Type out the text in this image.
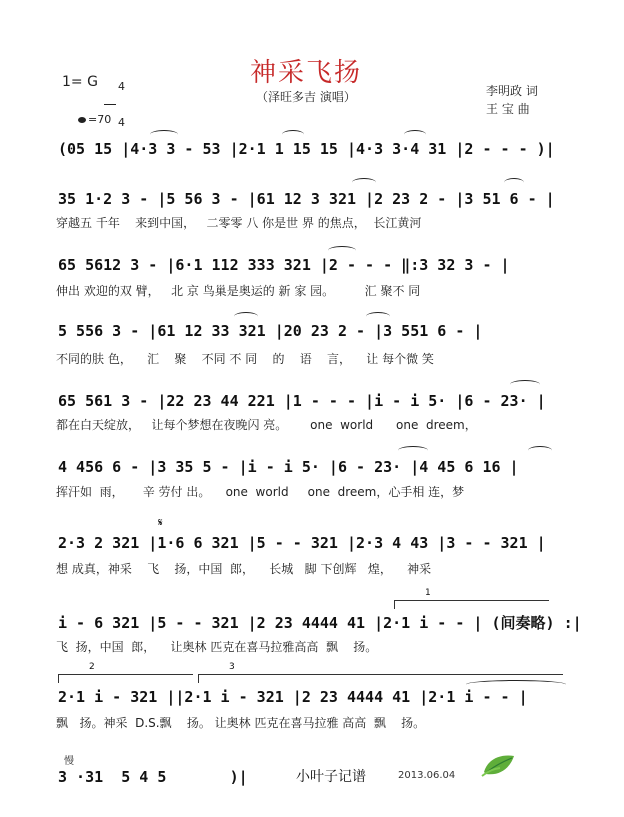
神采飞扬
（泽旺多吉 演唱）
1= G	4

4

=70

李明政 词
王 宝 曲
(05 15 |4·3 3 - 53 |2·1 1 15 15 |4·3 3·4 31 |2 - - - )|
35 1·2 3 - |5 56 3 - |61 12 3 321 |2 23 2 - |3 51 6 - |
穿越五 千年    来到中国，   二零零 八 你是世 界 的焦点，  长江黄河
65 5612 3 - |6·1 112 333 321 |2 - - - ‖:3 32 3 - |
伸出 欢迎的双 臂，   北 京 鸟巢是奥运的 新 家 园。        汇 聚不 同
5 556 3 - |61 12 33 321 |20 23 2 - |3 551 6 - |
不同的肤 色，    汇    聚    不同 不 同    的    语    言，    让 每个微 笑
65 561 3 - |22 23 44 221 |1 - - - |i - i 5· |6 - 23· |
都在白天绽放，   让每个梦想在夜晚闪 亮。      one  world      one  dreem，
4 456 6 - |3 35 5 - |i - i 5· |6 - 23· |4 45 6 16 |
挥汗如  雨，     辛 劳付 出。    one  world     one  dreem，心手相 连，梦
𝄋
2·3 2 321 |1·6 6 321 |5 - - 321 |2·3 4 43 |3 - - 321 |
想 成真，神采    飞    扬，中国  郎，    长城   脚 下创辉   煌，    神采
1
i - 6 321 |5 - - 321 |2 23 4444 41 |2·1 i - - | (间奏略) :|
飞  扬，中国  郎，    让奥林 匹克在喜马拉雅高高  飘    扬。
2	3
2·1 i - 321 ||2·1 i - 321 |2 23 4444 41 |2·1 i - - |
飘   扬。神采  D.S.飘    扬。 让奥林 匹克在喜马拉雅 高高  飘    扬。
慢
3 ·31  5 4 5       )|	小叶子记谱	2013.06.04
